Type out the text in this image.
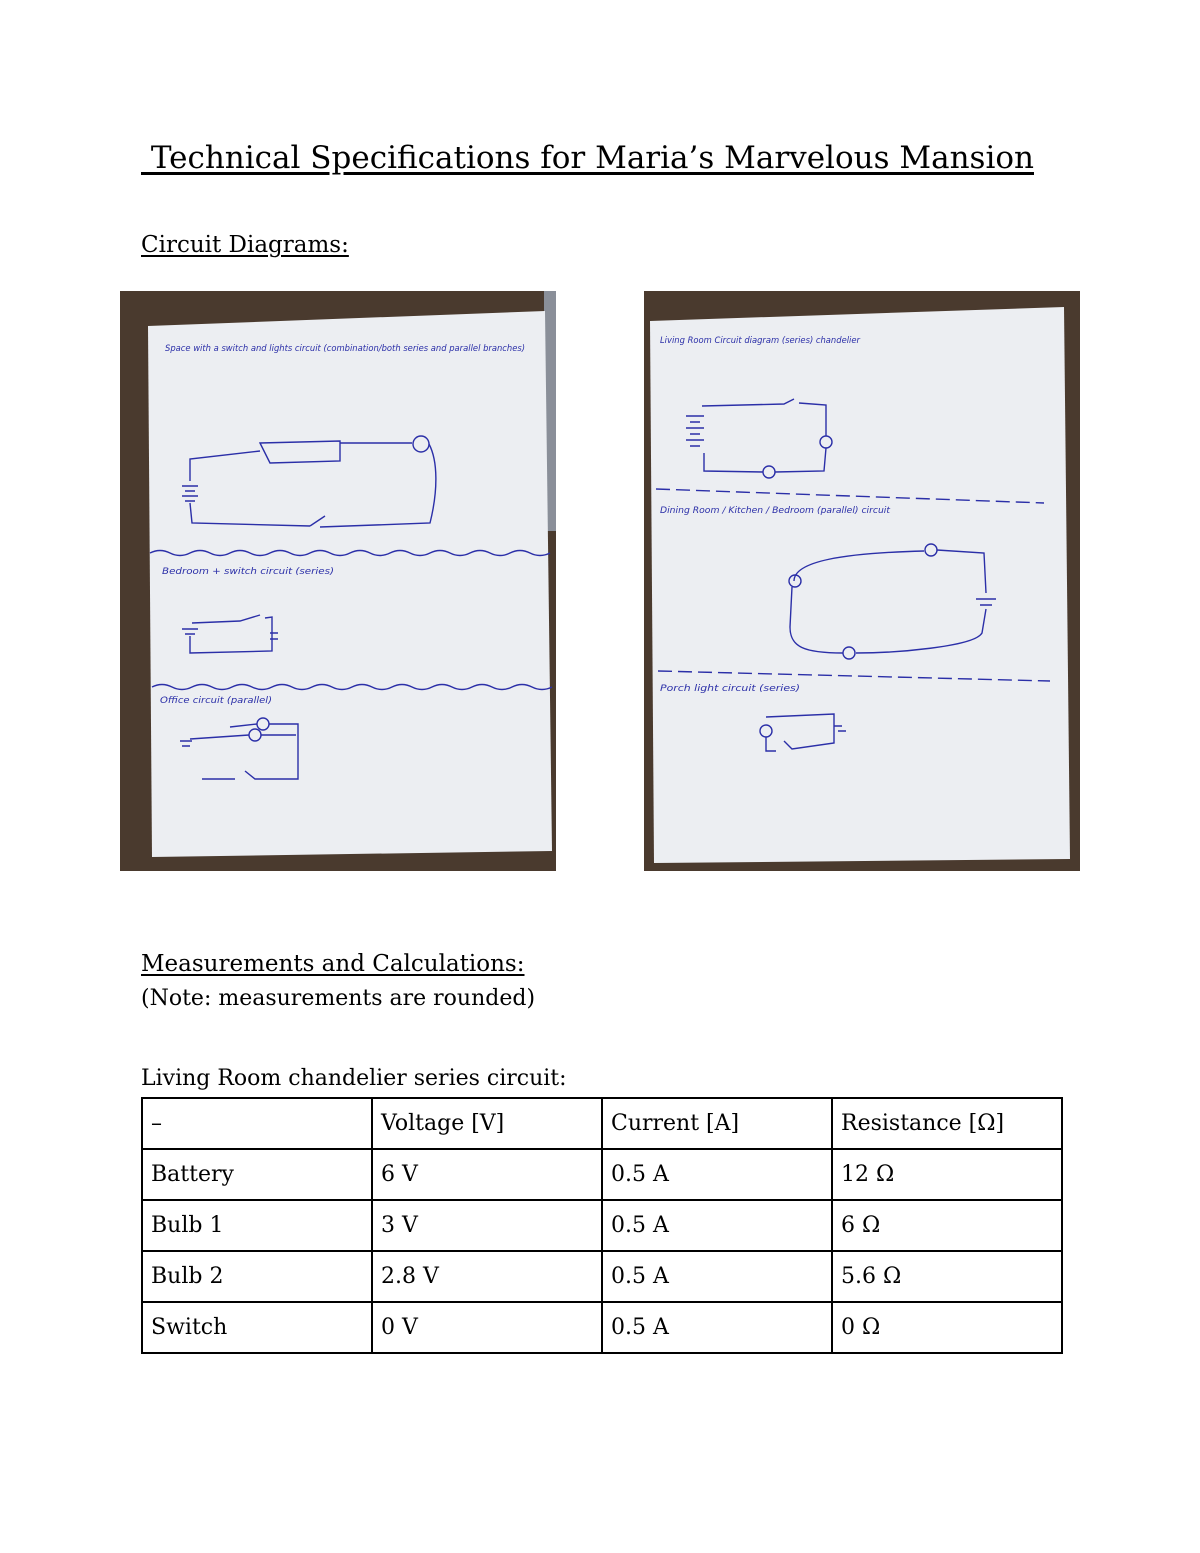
Technical Specifications for Maria’s Marvelous Mansion
Circuit Diagrams:
Space with a switch and lights circuit (combination/both series and parallel branches)
Bedroom + switch circuit (series)
Office circuit (parallel)
Living Room Circuit diagram (series) chandelier
Dining Room / Kitchen / Bedroom (parallel) circuit
Porch light circuit (series)
Measurements and Calculations:

(Note: measurements are rounded)

Living Room chandelier series circuit:

–	Voltage [V]	Current [A]	Resistance [Ω]
Battery	6 V	0.5 A	12 Ω
Bulb 1	3 V	0.5 A	6 Ω
Bulb 2	2.8 V	0.5 A	5.6 Ω
Switch	0 V	0.5 A	0 Ω
